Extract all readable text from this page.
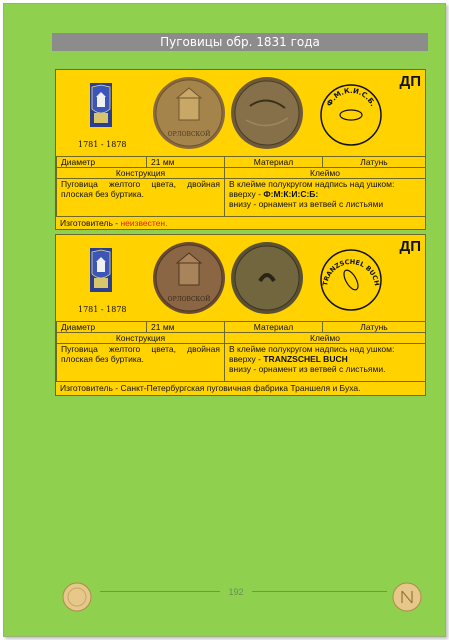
Пуговицы обр. 1831 года
1781 - 1878
ОРЛОВСКОЙ
ДП
Ф.М.К.И.С.Б.
Диаметр	21 мм	Материал	Латунь
Конструкция		Клеймо	
Пуговица желтого цвета, двойная плоская без буртика.		В клейме полукругом надпись над ушком:
вверху - Ф:М:К:И:С:Б:
внизу - орнамент из ветвей с листьями	
Изготовитель - неизвестен.
1781 - 1878
ОРЛОВСКОЙ
ДП
TRANZSCHEL BUCH
Диаметр	21 мм	Материал	Латунь
Конструкция		Клеймо	
Пуговица желтого цвета, двойная плоская без буртика.		В клейме полукругом надпись над ушком:
вверху - TRANZSCHEL BUCH
внизу - орнамент из ветвей с листьями.	
Изготовитель - Санкт-Петербургская пуговичная фабрика Траншеля и Буха.
192
